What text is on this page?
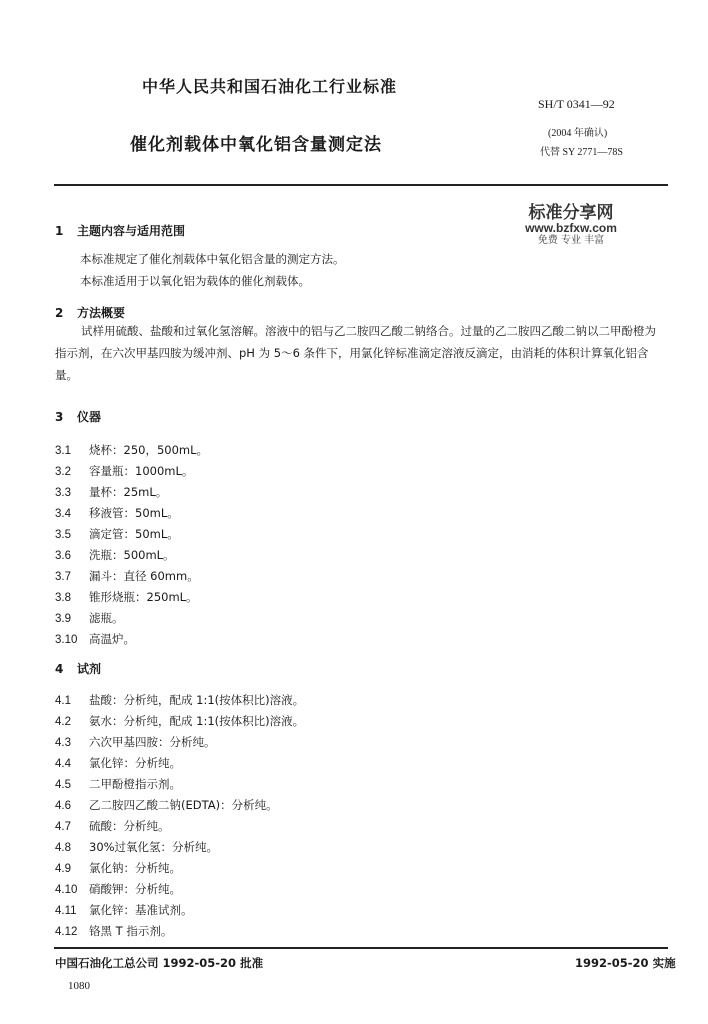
中华人民共和国石油化工行业标准
催化剂载体中氧化铝含量测定法
SH/T 0341—92
(2004 年确认)
代替 SY 2771—78S
标准分享网
www.bzfxw.com
免费 专业 丰富
1 主题内容与适用范围
本标准规定了催化剂载体中氧化铝含量的测定方法。
本标准适用于以氧化铝为载体的催化剂载体。
2 方法概要
试样用硫酸、盐酸和过氧化氢溶解。溶液中的铝与乙二胺四乙酸二钠络合。过量的乙二胺四乙酸二钠以二甲酚橙为指示剂，在六次甲基四胺为缓冲剂、pH 为 5～6 条件下，用氯化锌标准滴定溶液反滴定，由消耗的体积计算氧化铝含量。
3 仪器
3.1 烧杯：250，500mL。
3.2 容量瓶：1000mL。
3.3 量杯：25mL。
3.4 移液管：50mL。
3.5 滴定管：50mL。
3.6 洗瓶：500mL。
3.7 漏斗：直径 60mm。
3.8 锥形烧瓶：250mL。
3.9 滤瓶。
3.10 高温炉。
4 试剂
4.1 盐酸：分析纯，配成 1:1(按体积比)溶液。
4.2 氨水：分析纯，配成 1:1(按体积比)溶液。
4.3 六次甲基四胺：分析纯。
4.4 氯化锌：分析纯。
4.5 二甲酚橙指示剂。
4.6 乙二胺四乙酸二钠(EDTA)：分析纯。
4.7 硫酸：分析纯。
4.8 30%过氧化氢：分析纯。
4.9 氯化钠：分析纯。
4.10 硝酸钾：分析纯。
4.11 氯化锌：基准试剂。
4.12 铬黑 T 指示剂。
中国石油化工总公司 1992-05-20 批准	1992-05-20 实施
1080
